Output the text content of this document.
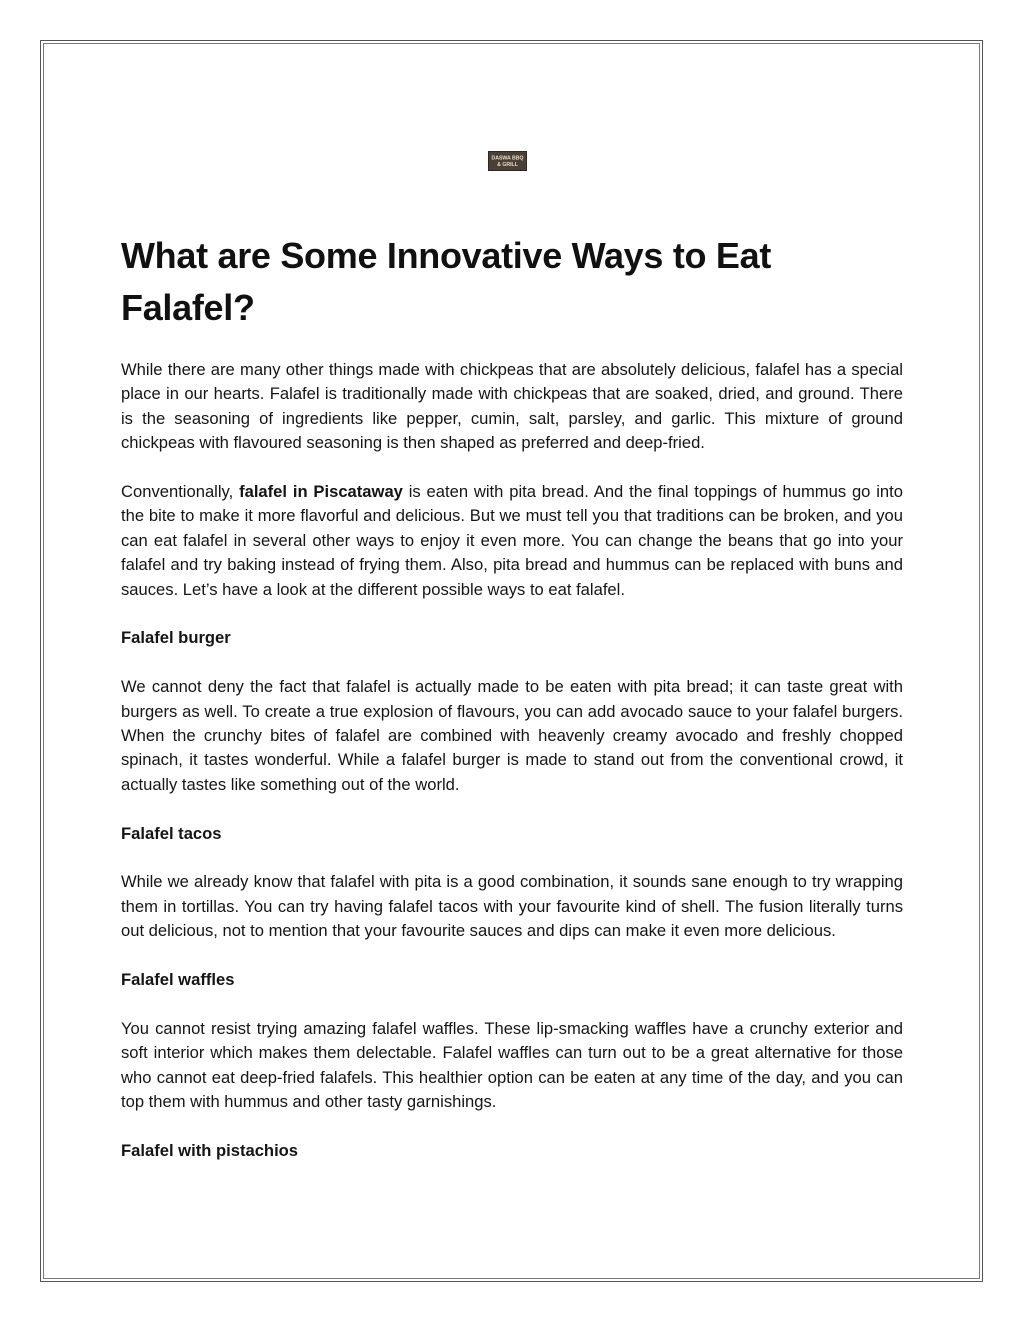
DASWA BBQ
& GRILL
What are Some Innovative Ways to Eat Falafel?

While there are many other things made with chickpeas that are absolutely delicious, falafel has a special place in our hearts. Falafel is traditionally made with chickpeas that are soaked, dried, and ground. There is the seasoning of ingredients like pepper, cumin, salt, parsley, and garlic. This mixture of ground chickpeas with flavoured seasoning is then shaped as preferred and deep-fried.

Conventionally, falafel in Piscataway is eaten with pita bread. And the final toppings of hummus go into the bite to make it more flavorful and delicious. But we must tell you that traditions can be broken, and you can eat falafel in several other ways to enjoy it even more. You can change the beans that go into your falafel and try baking instead of frying them. Also, pita bread and hummus can be replaced with buns and sauces. Let’s have a look at the different possible ways to eat falafel.

Falafel burger

We cannot deny the fact that falafel is actually made to be eaten with pita bread; it can taste great with burgers as well. To create a true explosion of flavours, you can add avocado sauce to your falafel burgers. When the crunchy bites of falafel are combined with heavenly creamy avocado and freshly chopped spinach, it tastes wonderful. While a falafel burger is made to stand out from the conventional crowd, it actually tastes like something out of the world.

Falafel tacos

While we already know that falafel with pita is a good combination, it sounds sane enough to try wrapping them in tortillas. You can try having falafel tacos with your favourite kind of shell. The fusion literally turns out delicious, not to mention that your favourite sauces and dips can make it even more delicious.

Falafel waffles

You cannot resist trying amazing falafel waffles. These lip-smacking waffles have a crunchy exterior and soft interior which makes them delectable. Falafel waffles can turn out to be a great alternative for those who cannot eat deep-fried falafels. This healthier option can be eaten at any time of the day, and you can top them with hummus and other tasty garnishings.

Falafel with pistachios
